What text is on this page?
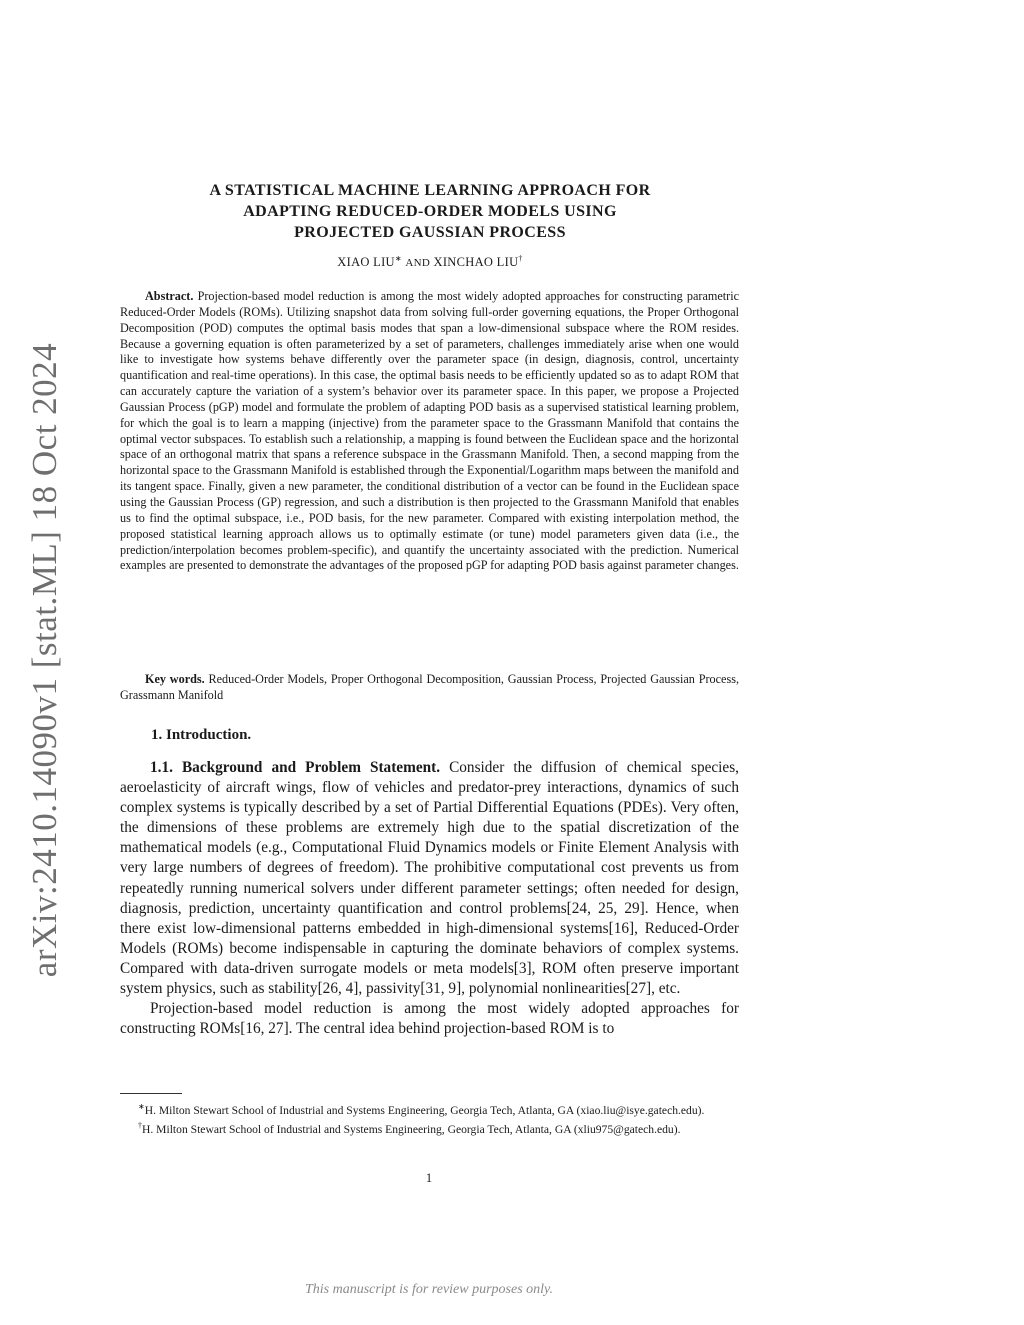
arXiv:2410.14090v1 [stat.ML] 18 Oct 2024
A STATISTICAL MACHINE LEARNING APPROACH FOR
ADAPTING REDUCED-ORDER MODELS USING
PROJECTED GAUSSIAN PROCESS
XIAO LIU∗ AND XINCHAO LIU†
Abstract. Projection-based model reduction is among the most widely adopted approaches for constructing parametric Reduced-Order Models (ROMs). Utilizing snapshot data from solving full-order governing equations, the Proper Orthogonal Decomposition (POD) computes the optimal basis modes that span a low-dimensional subspace where the ROM resides. Because a governing equation is often parameterized by a set of parameters, challenges immediately arise when one would like to investigate how systems behave differently over the parameter space (in design, diagnosis, control, uncertainty quantification and real-time operations). In this case, the optimal basis needs to be efficiently updated so as to adapt ROM that can accurately capture the variation of a system’s behavior over its parameter space. In this paper, we propose a Projected Gaussian Process (pGP) model and formulate the problem of adapting POD basis as a supervised statistical learning problem, for which the goal is to learn a mapping (injective) from the parameter space to the Grassmann Manifold that contains the optimal vector subspaces. To establish such a relationship, a mapping is found between the Euclidean space and the horizontal space of an orthogonal matrix that spans a reference subspace in the Grassmann Manifold. Then, a second mapping from the horizontal space to the Grassmann Manifold is established through the Exponential/Logarithm maps between the manifold and its tangent space. Finally, given a new parameter, the conditional distribution of a vector can be found in the Euclidean space using the Gaussian Process (GP) regression, and such a distribution is then projected to the Grassmann Manifold that enables us to find the optimal subspace, i.e., POD basis, for the new parameter. Compared with existing interpolation method, the proposed statistical learning approach allows us to optimally estimate (or tune) model parameters given data (i.e., the prediction/interpolation becomes problem-specific), and quantify the uncertainty associated with the prediction. Numerical examples are presented to demonstrate the advantages of the proposed pGP for adapting POD basis against parameter changes.
Key words. Reduced-Order Models, Proper Orthogonal Decomposition, Gaussian Process, Projected Gaussian Process, Grassmann Manifold
1. Introduction.

1.1. Background and Problem Statement. Consider the diffusion of chemical species, aeroelasticity of aircraft wings, flow of vehicles and predator-prey interactions, dynamics of such complex systems is typically described by a set of Partial Differential Equations (PDEs). Very often, the dimensions of these problems are extremely high due to the spatial discretization of the mathematical models (e.g., Computational Fluid Dynamics models or Finite Element Analysis with very large numbers of degrees of freedom). The prohibitive computational cost prevents us from repeatedly running numerical solvers under different parameter settings; often needed for design, diagnosis, prediction, uncertainty quantification and control problems[24, 25, 29]. Hence, when there exist low-dimensional patterns embedded in high-dimensional systems[16], Reduced-Order Models (ROMs) become indispensable in capturing the dominate behaviors of complex systems. Compared with data-driven surrogate models or meta models[3], ROM often preserve important system physics, such as stability[26, 4], passivity[31, 9], polynomial nonlinearities[27], etc.

Projection-based model reduction is among the most widely adopted approaches for constructing ROMs[16, 27]. The central idea behind projection-based ROM is to

∗H. Milton Stewart School of Industrial and Systems Engineering, Georgia Tech, Atlanta, GA (xiao.liu@isye.gatech.edu).

†H. Milton Stewart School of Industrial and Systems Engineering, Georgia Tech, Atlanta, GA (xliu975@gatech.edu).

1
This manuscript is for review purposes only.
